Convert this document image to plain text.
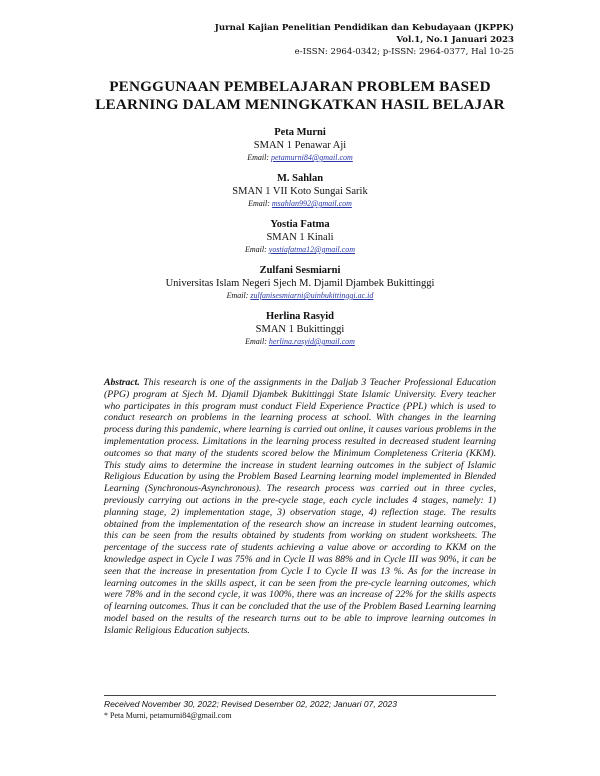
Jurnal Kajian Penelitian Pendidikan dan Kebudayaan (JKPPK)
Vol.1, No.1 Januari 2023
e-ISSN: 2964-0342; p-ISSN: 2964-0377, Hal 10-25
PENGGUNAAN PEMBELAJARAN PROBLEM BASED
LEARNING DALAM MENINGKATKAN HASIL BELAJAR
Peta Murni
SMAN 1 Penawar Aji
Email: petamurni84@gmail.com
M. Sahlan
SMAN 1 VII Koto Sungai Sarik
Email: msahlan992@gmail.com
Yostia Fatma
SMAN 1 Kinali
Email: yostiafatma12@gmail.com
Zulfani Sesmiarni
Universitas Islam Negeri Sjech M. Djamil Djambek Bukittinggi
Email: zulfanisesmiarni@uinbukittinggi.ac.id
Herlina Rasyid
SMAN 1 Bukittinggi
Email: herlina.rasyid@gmail.com
Abstract. This research is one of the assignments in the Daljab 3 Teacher Professional Education (PPG) program at Sjech M. Djamil Djambek Bukittinggi State Islamic University. Every teacher who participates in this program must conduct Field Experience Practice (PPL) which is used to conduct research on problems in the learning process at school. With changes in the learning process during this pandemic, where learning is carried out online, it causes various problems in the implementation process. Limitations in the learning process resulted in decreased student learning outcomes so that many of the students scored below the Minimum Completeness Criteria (KKM). This study aims to determine the increase in student learning outcomes in the subject of Islamic Religious Education by using the Problem Based Learning learning model implemented in Blended Learning (Synchronous-Asynchronous). The research process was carried out in three cycles, previously carrying out actions in the pre-cycle stage, each cycle includes 4 stages, namely: 1) planning stage, 2) implementation stage, 3) observation stage, 4) reflection stage. The results obtained from the implementation of the research show an increase in student learning outcomes, this can be seen from the results obtained by students from working on student worksheets. The percentage of the success rate of students achieving a value above or according to KKM on the knowledge aspect in Cycle I was 75% and in Cycle II was 88% and in Cycle III was 90%, it can be seen that the increase in presentation from Cycle I to Cycle II was 13 %. As for the increase in learning outcomes in the skills aspect, it can be seen from the pre-cycle learning outcomes, which were 78% and in the second cycle, it was 100%, there was an increase of 22% for the skills aspects of learning outcomes. Thus it can be concluded that the use of the Problem Based Learning learning model based on the results of the research turns out to be able to improve learning outcomes in Islamic Religious Education subjects.
Received November 30, 2022; Revised Desember 02, 2022; Januari 07, 2023
* Peta Murni, petamurni84@gmail.com
